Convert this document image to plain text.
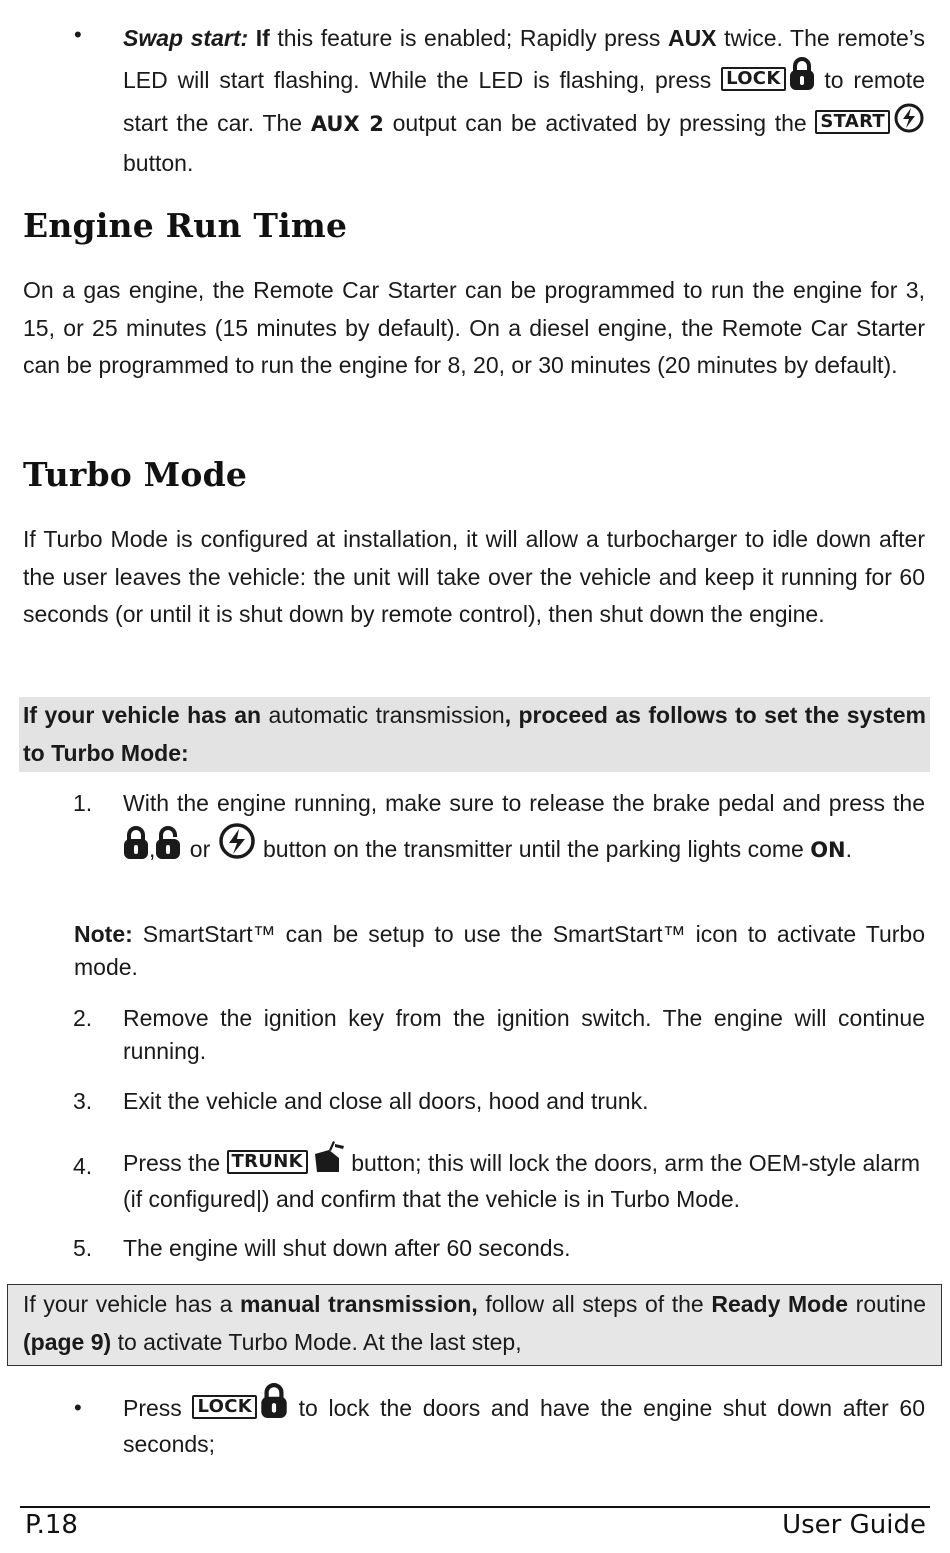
• Swap start: If this feature is enabled; Rapidly press AUX twice. The remote’s LED will start flashing. While the LED is flashing, press LOCK to remote start the car. The AUX 2 output can be activated by pressing the START button.
Engine Run Time

On a gas engine, the Remote Car Starter can be programmed to run the engine for 3, 15, or 25 minutes (15 minutes by default). On a diesel engine, the Remote Car Starter can be programmed to run the engine for 8, 20, or 30 minutes (20 minutes by default).

Turbo Mode

If Turbo Mode is configured at installation, it will allow a turbocharger to idle down after the user leaves the vehicle: the unit will take over the vehicle and keep it running for 60 seconds (or until it is shut down by remote control), then shut down the engine.

If your vehicle has an automatic transmission, proceed as follows to set the system to Turbo Mode:
1. With the engine running, make sure to release the brake pedal and press the , or  button on the transmitter until the parking lights come ON.
Note: SmartStart™ can be setup to use the SmartStart™ icon to activate Turbo mode.
2. Remove the ignition key from the ignition switch. The engine will continue running.
3. Exit the vehicle and close all doors, hood and trunk.
4. Press the TRUNK button; this will lock the doors, arm the OEM-style alarm (if configured|) and confirm that the vehicle is in Turbo Mode.
5. The engine will shut down after 60 seconds.
If your vehicle has a manual transmission, follow all steps of the Ready Mode routine (page 9) to activate Turbo Mode. At the last step,
• Press LOCK to lock the doors and have the engine shut down after 60 seconds;
P.18	User Guide
